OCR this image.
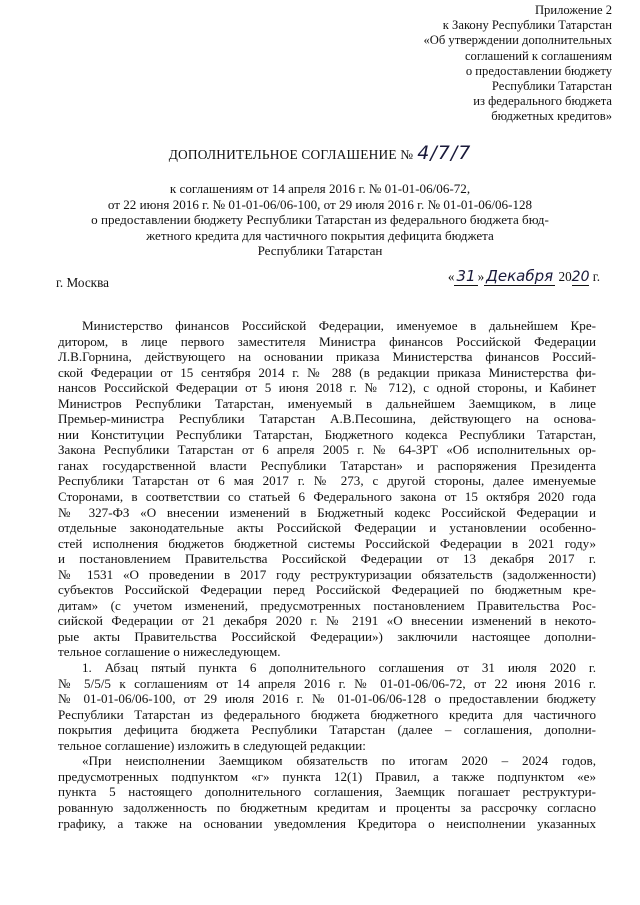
Приложение 2
к Закону Республики Татарстан
«Об утверждении дополнительных
соглашений к соглашениям
о предоставлении бюджету
Республики Татарстан
из федерального бюджета
бюджетных кредитов»
ДОПОЛНИТЕЛЬНОЕ СОГЛАШЕНИЕ № 4/7/7
к соглашениям от 14 апреля 2016 г. № 01-01-06/06-72,
от 22 июня 2016 г. № 01-01-06/06-100, от 29 июля 2016 г. № 01-01-06/06-128
о предоставлении бюджету Республики Татарстан из федерального бюджета бюд-
жетного кредита для частичного покрытия дефицита бюджета
Республики Татарстан
г. Москва	« 31 » Декабря 2020 г.
Министерство финансов Российской Федерации, именуемое в дальнейшем Кре-
дитором, в лице первого заместителя Министра финансов Российской Федерации
Л.В.Горнина, действующего на основании приказа Министерства финансов Россий-
ской Федерации от 15 сентября 2014 г. № 288 (в редакции приказа Министерства фи-
нансов Российской Федерации от 5 июня 2018 г. № 712), с одной стороны, и Кабинет
Министров Республики Татарстан, именуемый в дальнейшем Заемщиком, в лице
Премьер-министра Республики Татарстан А.В.Песошина, действующего на основа-
нии Конституции Республики Татарстан, Бюджетного кодекса Республики Татарстан,
Закона Республики Татарстан от 6 апреля 2005 г. № 64-ЗРТ «Об исполнительных ор-
ганах государственной власти Республики Татарстан» и распоряжения Президента
Республики Татарстан от 6 мая 2017 г. № 273, с другой стороны, далее именуемые
Сторонами, в соответствии со статьей 6 Федерального закона от 15 октября 2020 года
№ 327-ФЗ «О внесении изменений в Бюджетный кодекс Российской Федерации и
отдельные законодательные акты Российской Федерации и установлении особенно-
стей исполнения бюджетов бюджетной системы Российской Федерации в 2021 году»
и постановлением Правительства Российской Федерации от 13 декабря 2017 г.
№ 1531 «О проведении в 2017 году реструктуризации обязательств (задолженности)
субъектов Российской Федерации перед Российской Федерацией по бюджетным кре-
дитам» (с учетом изменений, предусмотренных постановлением Правительства Рос-
сийской Федерации от 21 декабря 2020 г. № 2191 «О внесении изменений в некото-
рые акты Правительства Российской Федерации») заключили настоящее дополни-
тельное соглашение о нижеследующем.
1. Абзац пятый пункта 6 дополнительного соглашения от 31 июля 2020 г.
№ 5/5/5 к соглашениям от 14 апреля 2016 г. № 01-01-06/06-72, от 22 июня 2016 г.
№ 01-01-06/06-100, от 29 июля 2016 г. № 01-01-06/06-128 о предоставлении бюджету
Республики Татарстан из федерального бюджета бюджетного кредита для частичного
покрытия дефицита бюджета Республики Татарстан (далее – соглашения, дополни-
тельное соглашение) изложить в следующей редакции:
«При неисполнении Заемщиком обязательств по итогам 2020 – 2024 годов,
предусмотренных подпунктом «г» пункта 12(1) Правил, а также подпунктом «е»
пункта 5 настоящего дополнительного соглашения, Заемщик погашает реструктури-
рованную задолженность по бюджетным кредитам и проценты за рассрочку согласно
графику, а также на основании уведомления Кредитора о неисполнении указанных
